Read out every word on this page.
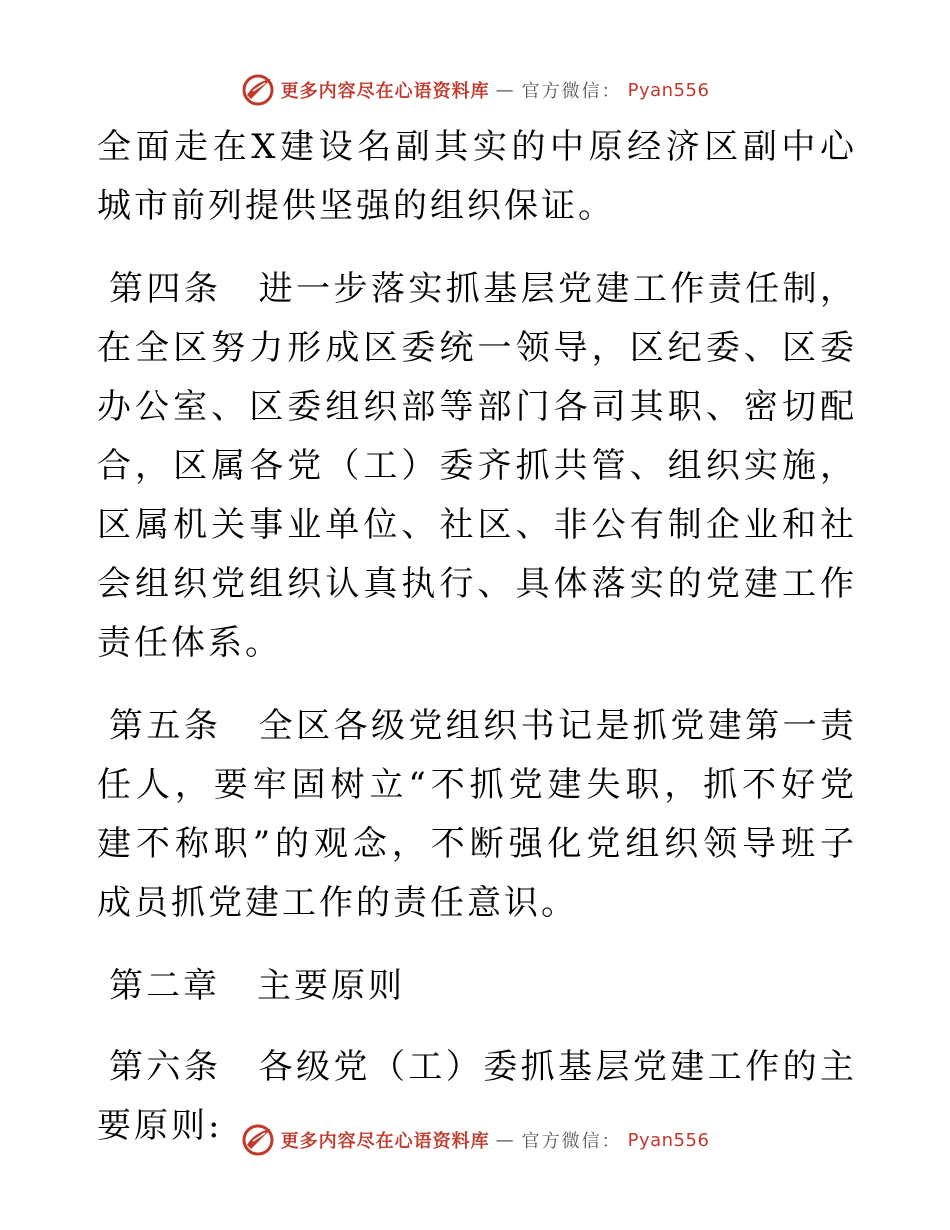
更多内容尽在心语资料库 — 官方微信： Pyan556

全面走在X建设名副其实的中原经济区副中心城市前列提供坚强的组织保证。

第四条　进一步落实抓基层党建工作责任制，在全区努力形成区委统一领导，区纪委、区委办公室、区委组织部等部门各司其职、密切配合，区属各党（工）委齐抓共管、组织实施，区属机关事业单位、社区、非公有制企业和社会组织党组织认真执行、具体落实的党建工作责任体系。

第五条　全区各级党组织书记是抓党建第一责任人，要牢固树立“不抓党建失职，抓不好党建不称职”的观念，不断强化党组织领导班子成员抓党建工作的责任意识。

第二章　主要原则

第六条　各级党（工）委抓基层党建工作的主要原则:	更多内容尽在心语资料库 — 官方微信： Pyan556
